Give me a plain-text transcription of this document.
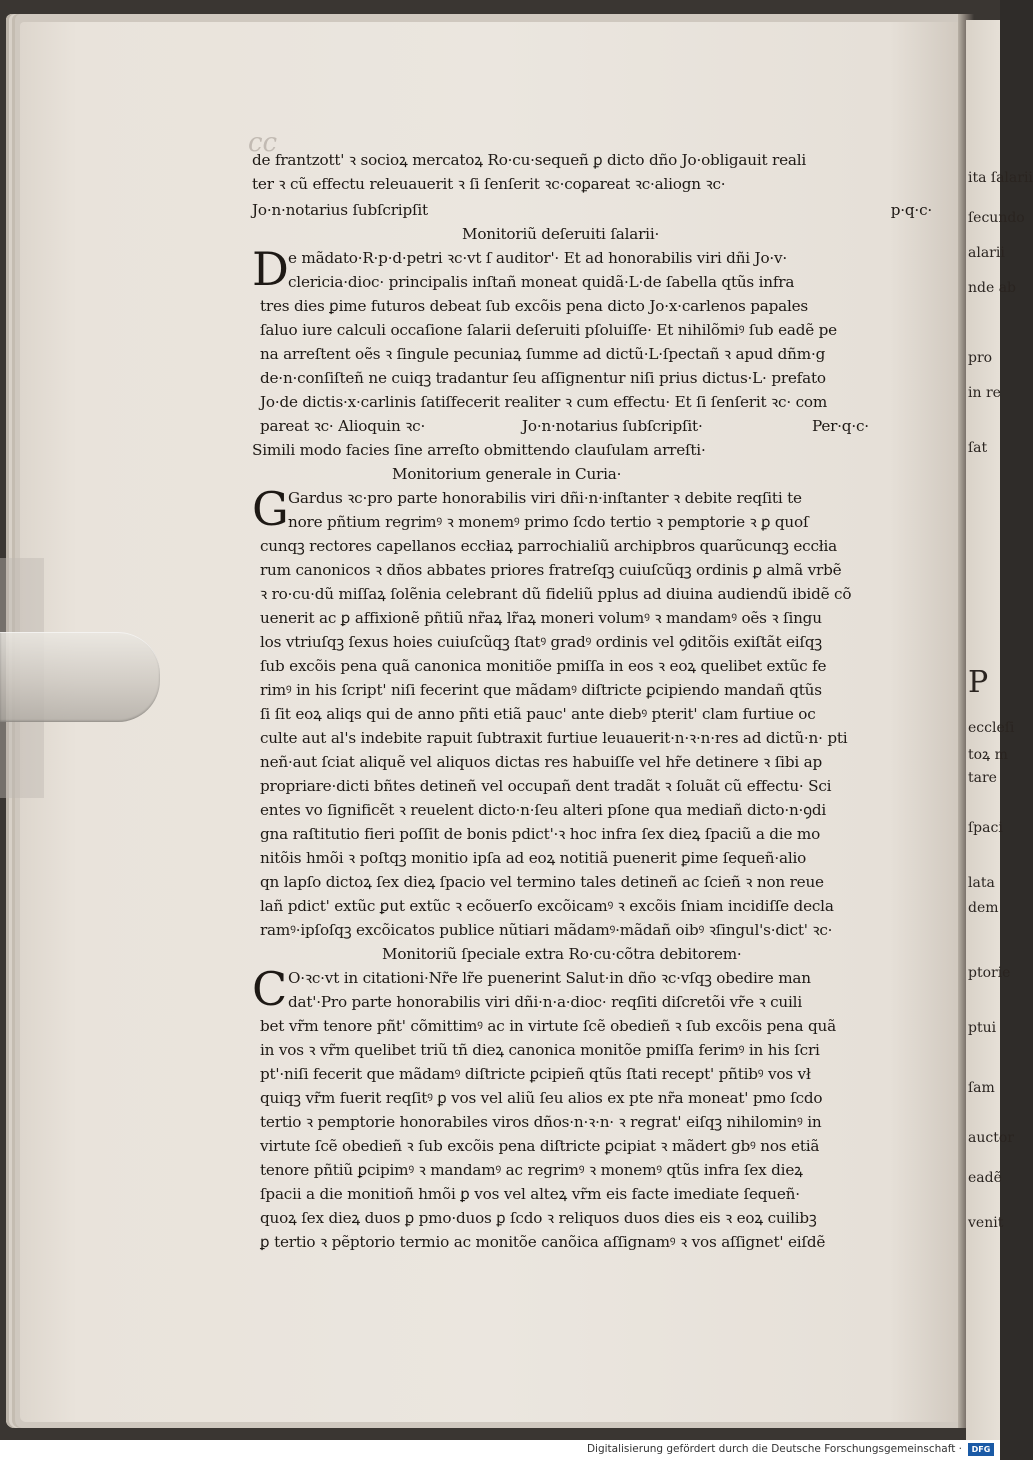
ita ſalarii
ſecundo
alarii
nde ab
pro
in re
ſat
P
eccleſi
toꝝ m
tare
ſpaci
lata
dem
ptorie
ptui
ſam
auctor
eadẽ
venit
cc
de frantzott' ꝛ socioꝝ mercatoꝝ Ro·cu·sequeñ ꝑ dicto dño Jo·obligauit reali
ter ꝛ cũ effectu releuauerit ꝛ ſi ſenſerit ꝛc·coꝑareat ꝛc·aliogn ꝛc·
Jo·n·notarius ſubſcripſit	p·q·c·
Monitoriũ deſeruiti ſalarii·
D e mãdato·R·p·d·petri ꝛc·vt ſ auditor'· Et ad honorabilis viri dñi Jo·v·
clericia·dioc· principalis inſtañ moneat quidã·L·de ſabella qtũs infra
tres dies ꝑime futuros debeat ſub excõis pena dicto Jo·x·carlenos papales
ſaluo iure calculi occaſione ſalarii deſeruiti pſoluiſſe· Et nihilõmiꝰ ſub eadẽ pe
na arreſtent oẽs ꝛ ſingule pecuniaꝝ ſumme ad dictũ·L·ſpectañ ꝛ apud dñm·g
de·n·conſiſteñ ne cuiqꝫ tradantur ſeu aſſignentur niſi prius dictus·L· prefato
Jo·de dictis·x·carlinis ſatiſfecerit realiter ꝛ cum effectu· Et ſi ſenſerit ꝛc· com
pareat ꝛc· Alioquin ꝛc·	Jo·n·notarius ſubſcripſit·	Per·q·c·
Simili modo facies ſine arreſto obmittendo clauſulam arreſti·
Monitorium generale in Curia·
G Gardus ꝛc·pro parte honorabilis viri dñi·n·inſtanter ꝛ debite reqſiti te
nore pñtium regrimꝰ ꝛ monemꝰ primo ſcdo tertio ꝛ pemptorie ꝛ ꝑ quoſ
cunqꝫ rectores capellanos eccłiaꝝ parrochialiũ archipbros quarũcunqꝫ eccłia
rum canonicos ꝛ dños abbates priores fratreſqꝫ cuiuſcũqꝫ ordinis ꝑ almã vrbẽ
ꝛ ro·cu·dũ miſſaꝝ ſolẽnia celebrant dũ fideliũ pplus ad diuina audiendũ ibidẽ cõ
uenerit ac ꝑ affixionẽ pñtiũ nr̃aꝝ lr̃aꝝ moneri volumꝰ ꝛ mandamꝰ oẽs ꝛ ſingu
los vtriuſqꝫ ſexus hoies cuiuſcũqꝫ ſtatꝰ gradꝰ ordinis vel ꝯditõis exiſtãt eiſqꝫ
ſub excõis pena quã canonica monitiõe pmiſſa in eos ꝛ eoꝝ quelibet extũc fe
rimꝰ in his ſcript' niſi fecerint que mãdamꝰ diſtricte ꝑcipiendo mandañ qtũs
ſi ſit eoꝝ aliqs qui de anno pñti etiã pauc' ante diebꝰ pterit' clam furtiue oc
culte aut al's indebite rapuit ſubtraxit furtiue leuauerit·n·ꝛ·n·res ad dictũ·n· pti
neñ·aut ſciat aliquẽ vel aliquos dictas res habuiſſe vel hr̃e detinere ꝛ ſibi ap
propriare·dicti bñtes detineñ vel occupañ dent tradãt ꝛ ſoluãt cũ effectu· Sci
entes vo ſignificẽt ꝛ reuelent dicto·n·ſeu alteri pſone qua mediañ dicto·n·ꝯdi
gna raſtitutio fieri poſſit de bonis pdict'·ꝛ hoc infra ſex dieꝝ ſpaciũ a die mo
nitõis hmõi ꝛ poſtqꝫ monitio ipſa ad eoꝝ notitiã puenerit ꝑime ſequeñ·alio
qn lapſo dictoꝝ ſex dieꝝ ſpacio vel termino tales detineñ ac ſcieñ ꝛ non reue
lañ pdict' extũc ꝑut extũc ꝛ ecõuerſo excõicamꝰ ꝛ excõis ſniam incidiſſe decla
ramꝰ·ipſoſqꝫ excõicatos publice nũtiari mãdamꝰ·mãdañ oibꝰ ꝛſingul's·dict' ꝛc·
Monitoriũ ſpeciale extra Ro·cu·cõtra debitorem·
C O·ꝛc·vt in citationi·Nr̃e lr̃e puenerint Salut·in dño ꝛc·vſqꝫ obedire man
dat'·Pro parte honorabilis viri dñi·n·a·dioc· reqſiti diſcretõi vr̃e ꝛ cuili
bet vr̃m tenore pñt' cõmittimꝰ ac in virtute ſcẽ obedieñ ꝛ ſub excõis pena quã
in vos ꝛ vr̃m quelibet triũ tñ dieꝝ canonica monitõe pmiſſa ferimꝰ in his ſcri
pt'·niſi fecerit que mãdamꝰ diſtricte ꝑcipieñ qtũs ſtati recept' pñtibꝰ vos vł
quiqꝫ vr̃m fuerit reqſitꝰ ꝑ vos vel aliũ ſeu alios ex pte nr̃a moneat' pmo ſcdo
tertio ꝛ pemptorie honorabiles viros dños·n·ꝛ·n· ꝛ regrat' eiſqꝫ nihilominꝰ in
virtute ſcẽ obedieñ ꝛ ſub excõis pena diſtricte ꝑcipiat ꝛ mãdert gbꝰ nos etiã
tenore pñtiũ ꝑcipimꝰ ꝛ mandamꝰ ac regrimꝰ ꝛ monemꝰ qtũs infra ſex dieꝝ
ſpacii a die monitioñ hmõi ꝑ vos vel alteꝝ vr̃m eis facte imediate ſequeñ·
quoꝝ ſex dieꝝ duos ꝑ pmo·duos ꝑ ſcdo ꝛ reliquos duos dies eis ꝛ eoꝝ cuilibꝫ
ꝑ tertio ꝛ pẽptorio termio ac monitõe canõica aſſignamꝰ ꝛ vos aſſignet' eiſdẽ
Digitalisierung gefördert durch die Deutsche Forschungsgemeinschaft ·	DFG
